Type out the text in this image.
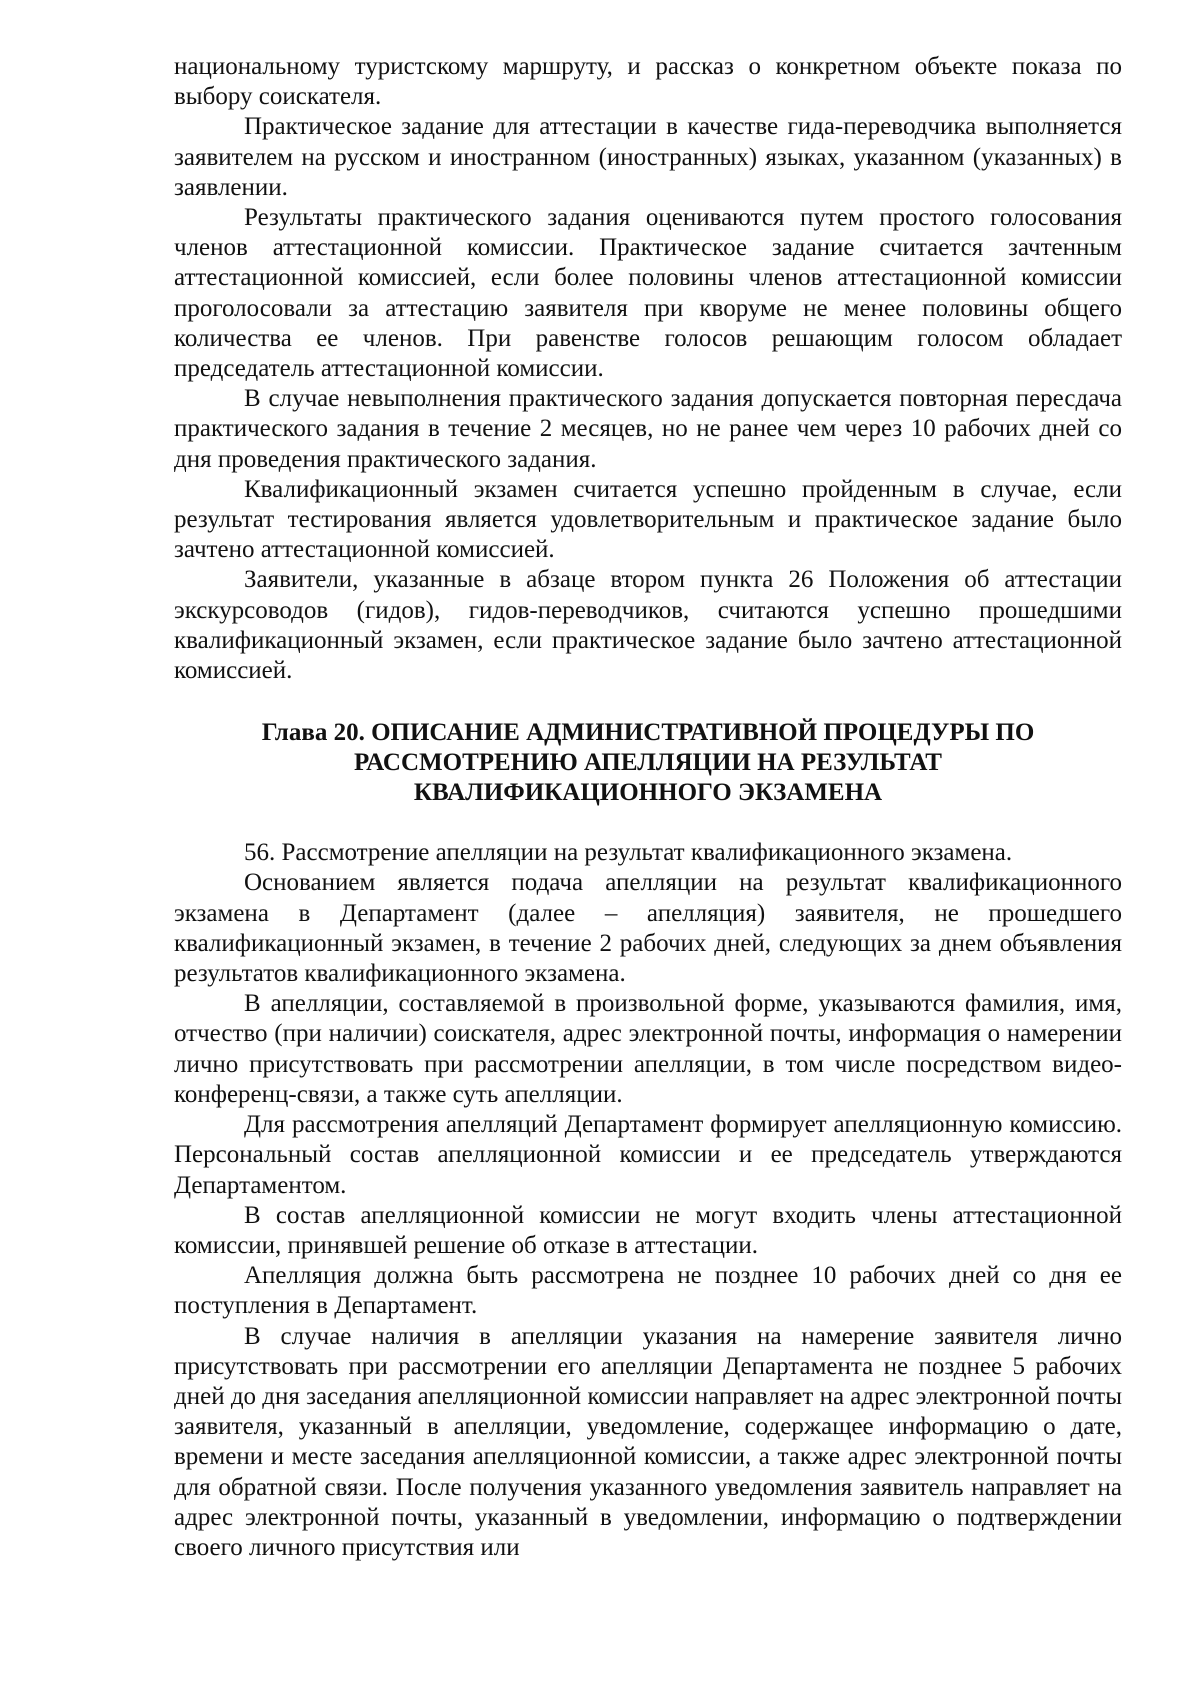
национальному туристскому маршруту, и рассказ о конкретном объекте показа по выбору соискателя.

Практическое задание для аттестации в качестве гида-переводчика выполняется заявителем на русском и иностранном (иностранных) языках, указанном (указанных) в заявлении.

Результаты практического задания оцениваются путем простого голосования членов аттестационной комиссии. Практическое задание считается зачтенным аттестационной комиссией, если более половины членов аттестационной комиссии проголосовали за аттестацию заявителя при кворуме не менее половины общего количества ее членов. При равенстве голосов решающим голосом обладает председатель аттестационной комиссии.

В случае невыполнения практического задания допускается повторная пересдача практического задания в течение 2 месяцев, но не ранее чем через 10 рабочих дней со дня проведения практического задания.

Квалификационный экзамен считается успешно пройденным в случае, если результат тестирования является удовлетворительным и практическое задание было зачтено аттестационной комиссией.

Заявители, указанные в абзаце втором пункта 26 Положения об аттестации экскурсоводов (гидов), гидов-переводчиков, считаются успешно прошедшими квалификационный экзамен, если практическое задание было зачтено аттестационной комиссией.

Глава 20. ОПИСАНИЕ АДМИНИСТРАТИВНОЙ ПРОЦЕДУРЫ ПО
РАССМОТРЕНИЮ АПЕЛЛЯЦИИ НА РЕЗУЛЬТАТ
КВАЛИФИКАЦИОННОГО ЭКЗАМЕНА

56. Рассмотрение апелляции на результат квалификационного экзамена.

Основанием является подача апелляции на результат квалификационного экзамена в Департамент (далее – апелляция) заявителя, не прошедшего квалификационный экзамен, в течение 2 рабочих дней, следующих за днем объявления результатов квалификационного экзамена.

В апелляции, составляемой в произвольной форме, указываются фамилия, имя, отчество (при наличии) соискателя, адрес электронной почты, информация о намерении лично присутствовать при рассмотрении апелляции, в том числе посредством видео-конференц-связи, а также суть апелляции.

Для рассмотрения апелляций Департамент формирует апелляционную комиссию. Персональный состав апелляционной комиссии и ее председатель утверждаются Департаментом.

В состав апелляционной комиссии не могут входить члены аттестационной комиссии, принявшей решение об отказе в аттестации.

Апелляция должна быть рассмотрена не позднее 10 рабочих дней со дня ее поступления в Департамент.

В случае наличия в апелляции указания на намерение заявителя лично присутствовать при рассмотрении его апелляции Департамента не позднее 5 рабочих дней до дня заседания апелляционной комиссии направляет на адрес электронной почты заявителя, указанный в апелляции, уведомление, содержащее информацию о дате, времени и месте заседания апелляционной комиссии, а также адрес электронной почты для обратной связи. После получения указанного уведомления заявитель направляет на адрес электронной почты, указанный в уведомлении, информацию о подтверждении своего личного присутствия или
